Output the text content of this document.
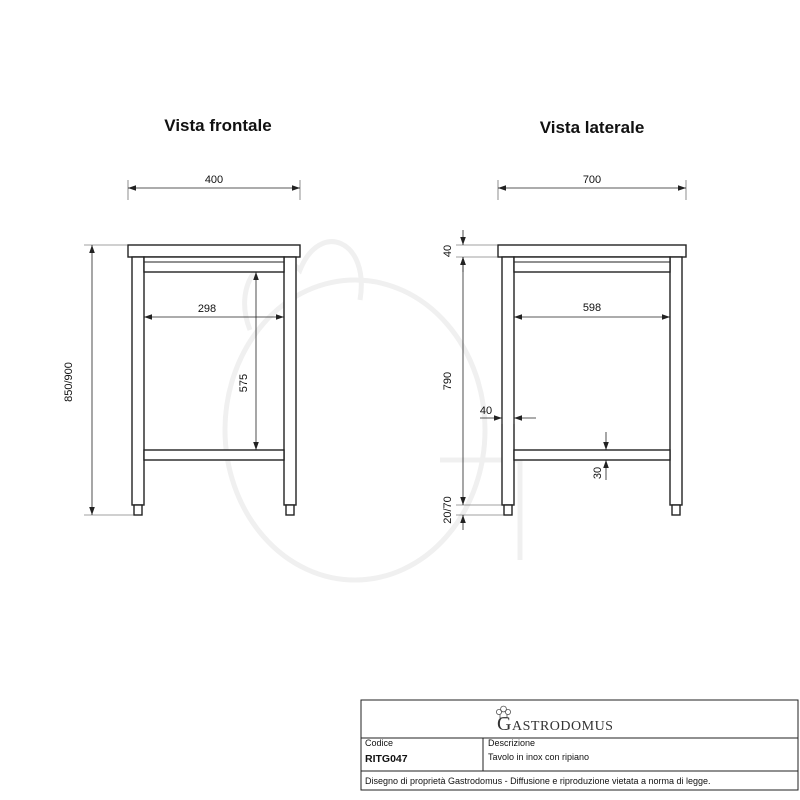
Vista frontale	Vista laterale
400
298
575
850/900
700
598
40
790
20/70
40
30
G ASTRODOMUS
Codice
RITG047
Descrizione
Tavolo in inox con ripiano
Disegno di proprietà Gastrodomus - Diffusione e riproduzione vietata a norma di legge.
